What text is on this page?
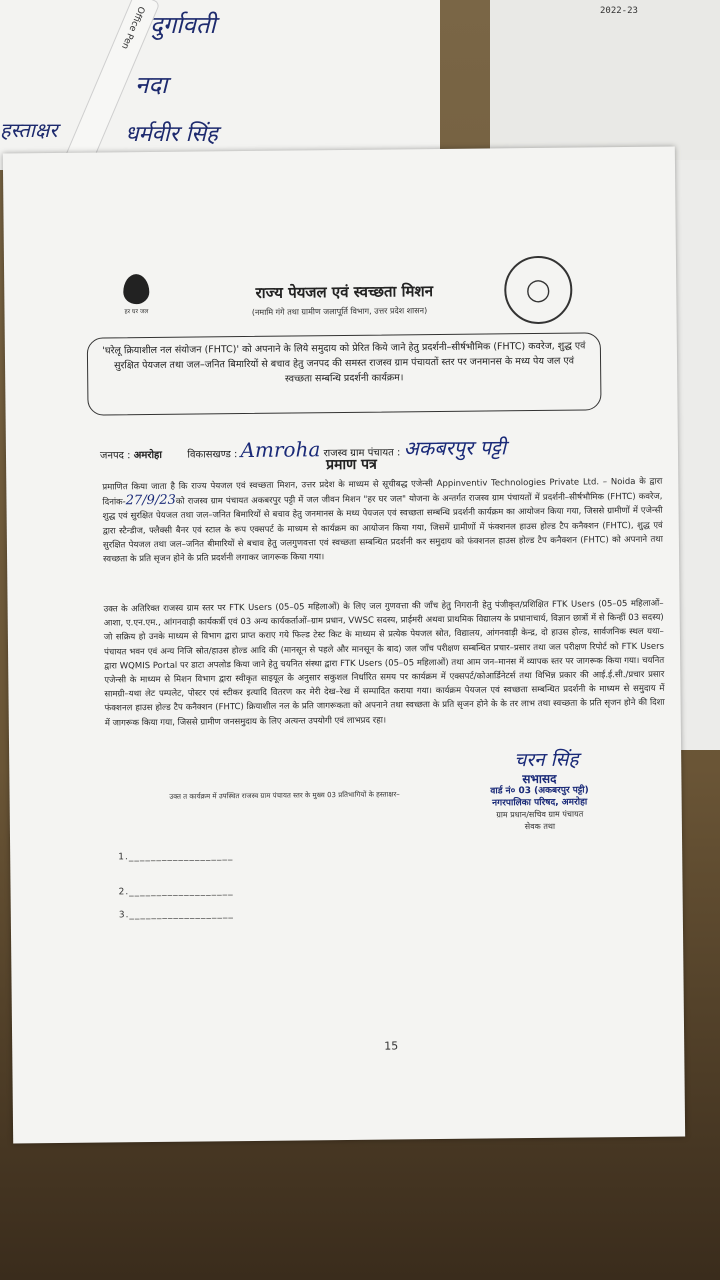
दुर्गावती
नदा
धर्मवीर सिंह
हस्ताक्षर
Office Pen	2022-23
हर घर जल
राज्य पेयजल एवं स्वच्छता मिशन
(नमामि गंगे तथा ग्रामीण जलापूर्ति विभाग, उत्तर प्रदेश शासन)
◯
'घरेलू क्रियाशील नल संयोजन (FHTC)' को अपनाने के लिये समुदाय को प्रेरित किये जाने हेतु प्रदर्शनी–सीर्षभौमिक (FHTC) कवरेज, शुद्ध एवं सुरक्षित पेयजल तथा जल–जनित बिमारियों से बचाव हेतु जनपद की समस्त राजस्व ग्राम पंचायतों स्तर पर जनमानस के मध्य पेय जल एवं स्वच्छता सम्बन्धि प्रदर्शनी कार्यक्रम।
जनपद : अमरोहा	विकासखण्ड : Amroha राजस्व ग्राम पंचायत : अकबरपुर पट्टी
प्रमाण पत्र
प्रमाणित किया जाता है कि राज्य पेयजल एवं स्वच्छता मिशन, उत्तर प्रदेश के माध्यम से सूचीबद्ध एजेन्सी Appinventiv Technologies Private Ltd. – Noida के द्वारा दिनांक-27/9/23को राजस्व ग्राम पंचायत अकबरपुर पट्टी में जल जीवन मिशन "हर घर जल" योजना के अन्तर्गत राजस्व ग्राम पंचायतों में प्रदर्शनी–सीर्षभौमिक (FHTC) कवरेज, शुद्ध एवं सुरक्षित पेयजल तथा जल–जनित बिमारियों से बचाव हेतु जनमानस के मध्य पेयजल एवं स्वच्छता सम्बन्धि प्रदर्शनी कार्यक्रम का आयोजन किया गया, जिससे ग्रामीणों में एजेन्सी द्वारा स्टैन्डीज, फ्लैक्सी बैनर एवं स्टाल के रूप एक्सपर्ट के माध्यम से कार्यक्रम का आयोजन किया गया, जिसमें ग्रामीणों में फंक्शनल हाउस होल्ड टैप कनैक्शन (FHTC), शुद्ध एवं सुरक्षित पेयजल तथा जल–जनित बीमारियों से बचाव हेतु जलगुणवत्ता एवं स्वच्छता सम्बन्धित प्रदर्शनी कर समुदाय को फंक्शनल हाउस होल्ड टैप कनैक्शन (FHTC) को अपनाने तथा स्वच्छता के प्रति सृजन होने के प्रति प्रदर्शनी लगाकर जागरूक किया गया।
उक्त के अतिरिक्त राजस्व ग्राम स्तर पर FTK Users (05–05 महिलाओं) के लिए जल गुणवत्ता की जाँच हेतु निगरानी हेतु पंजीकृत/प्रशिक्षित FTK Users (05–05 महिलाओं–आशा, ए.एन.एम., आंगनवाड़ी कार्यकर्त्री एवं 03 अन्य कार्यकर्ताओं–ग्राम प्रधान, VWSC सदस्य, प्राईमरी अथवा प्राथमिक विद्यालय के प्रधानाचार्य, विज्ञान छात्रों में से किन्हीं 03 सदस्य) जो सक्रिय हो उनके माध्यम से विभाग द्वारा प्राप्त कराए गये फिल्ड टेस्ट किट के माध्यम से प्रत्येक पेयजल स्रोत, विद्यालय, आंगनवाड़ी केन्द्र, दो हाउस होल्ड, सार्वजनिक स्थल यथा–पंचायत भवन एवं अन्य निजि स्रोत/हाउस होल्ड आदि की (मानसून से पहले और मानसून के बाद) जल जाँच परीक्षण सम्बन्धित प्रचार–प्रसार तथा जल परीक्षण रिपोर्ट को FTK Users द्वारा WQMIS Portal पर डाटा अपलोड किया जाने हेतु चयनित संस्था द्वारा FTK Users (05–05 महिलाओं) तथा आम जन–मानस में व्यापक स्तर पर जागरूक किया गया। चयनित एजेन्सी के माध्यम से मिशन विभाग द्वारा स्वीकृत साइयूल के अनुसार सकुशल निर्धारित समय पर कार्यक्रम में एक्सपर्ट/कोआर्डिनेटर्स तथा विभिन्न प्रकार की आई.ई.सी./प्रचार प्रसार सामग्री–यथा लेट पम्पलेट, पोस्टर एवं स्टीकर इत्यादि वितरण कर मेरी देख–रेख में सम्पादित कराया गया। कार्यक्रम पेयजल एवं स्वच्छता सम्बन्धित प्रदर्शनी के माध्यम से समुदाय में फंक्शनल हाउस होल्ड टैप कनैक्शन (FHTC) क्रियाशील नल के प्रति जागरूकता को अपनाने तथा स्वच्छता के प्रति सृजन होने के के तर लाभ तथा स्वच्छता के प्रति सृजन होने की दिशा में जागरूक किया गया, जिससे ग्रामीण जनसमुदाय के लिए अत्यन्त उपयोगी एवं लाभप्रद रहा।
चरन सिंह
सभासद
वार्ड नं० 03 (अकबरपुर पट्टी)
नगरपालिका परिषद, अमरोहा
ग्राम प्रधान/सचिव ग्राम पंचायत
सेवक तथा
उक्त त कार्यक्रम में उपस्थित राजस्व ग्राम पंचायत स्तर के मुख्य 03 प्रतिभागियों के हस्ताक्षर–
1.___________________
2.___________________
3.___________________
15
